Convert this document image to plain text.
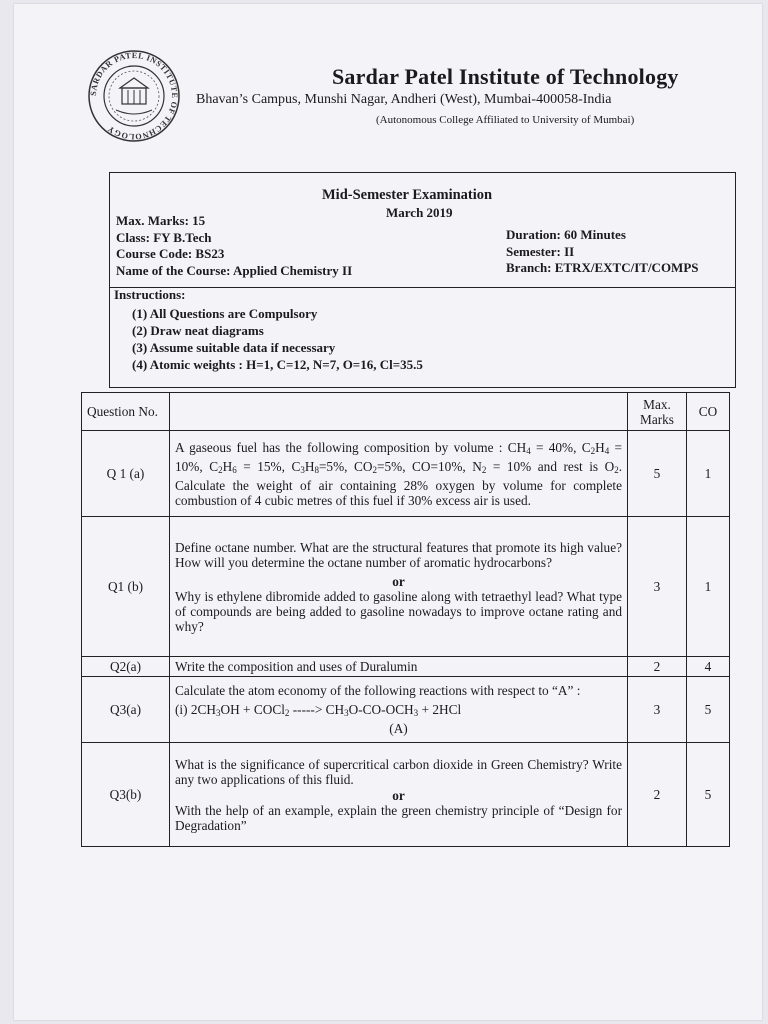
SARDAR PATEL INSTITUTE OF TECHNOLOGY
Sardar Patel Institute of Technology
Bhavan’s Campus, Munshi Nagar, Andheri (West), Mumbai-400058-India
(Autonomous College Affiliated to University of Mumbai)
Mid-Semester Examination
March 2019
Max. Marks: 15
Class: FY B.Tech
Course Code: BS23
Name of the Course: Applied Chemistry II
Duration: 60 Minutes
Semester: II
Branch: ETRX/EXTC/IT/COMPS
Instructions:
(1) All Questions are Compulsory
(2) Draw neat diagrams
(3) Assume suitable data if necessary
(4) Atomic weights : H=1, C=12, N=7, O=16, Cl=35.5
Question No.		Max. Marks	CO
Q 1 (a)	A gaseous fuel has the following composition by volume : $CH_4 = 40\%$, $C_2H_4 = 10\%$, $C_2H_6 = 15\%$, $C_3H_8=5\%$, $CO_2=5\%$, CO=10%, $N_2 = 10\%$ and rest is $O_2$. Calculate the weight of air containing 28% oxygen by volume for complete combustion of 4 cubic metres of this fuel if 30% excess air is used.	5	1
Q1 (b)	Define octane number. What are the structural features that promote its high value? How will you determine the octane number of aromatic hydrocarbons?
or
Why is ethylene dibromide added to gasoline along with tetraethyl lead? What type of compounds are being added to gasoline nowadays to improve octane rating and why?	3	1
Q2(a)	Write the composition and uses of Duralumin	2	4
Q3(a)	Calculate the atom economy of the following reactions with respect to “A” :
(i) $2CH_3OH$ + COCl$_2$ -----> $CH_3O-CO-OCH_3 + 2HCl$
(A)	3	5
Q3(b)	What is the significance of supercritical carbon dioxide in Green Chemistry? Write any two applications of this fluid.
or
With the help of an example, explain the green chemistry principle of “Design for Degradation”	2	5
